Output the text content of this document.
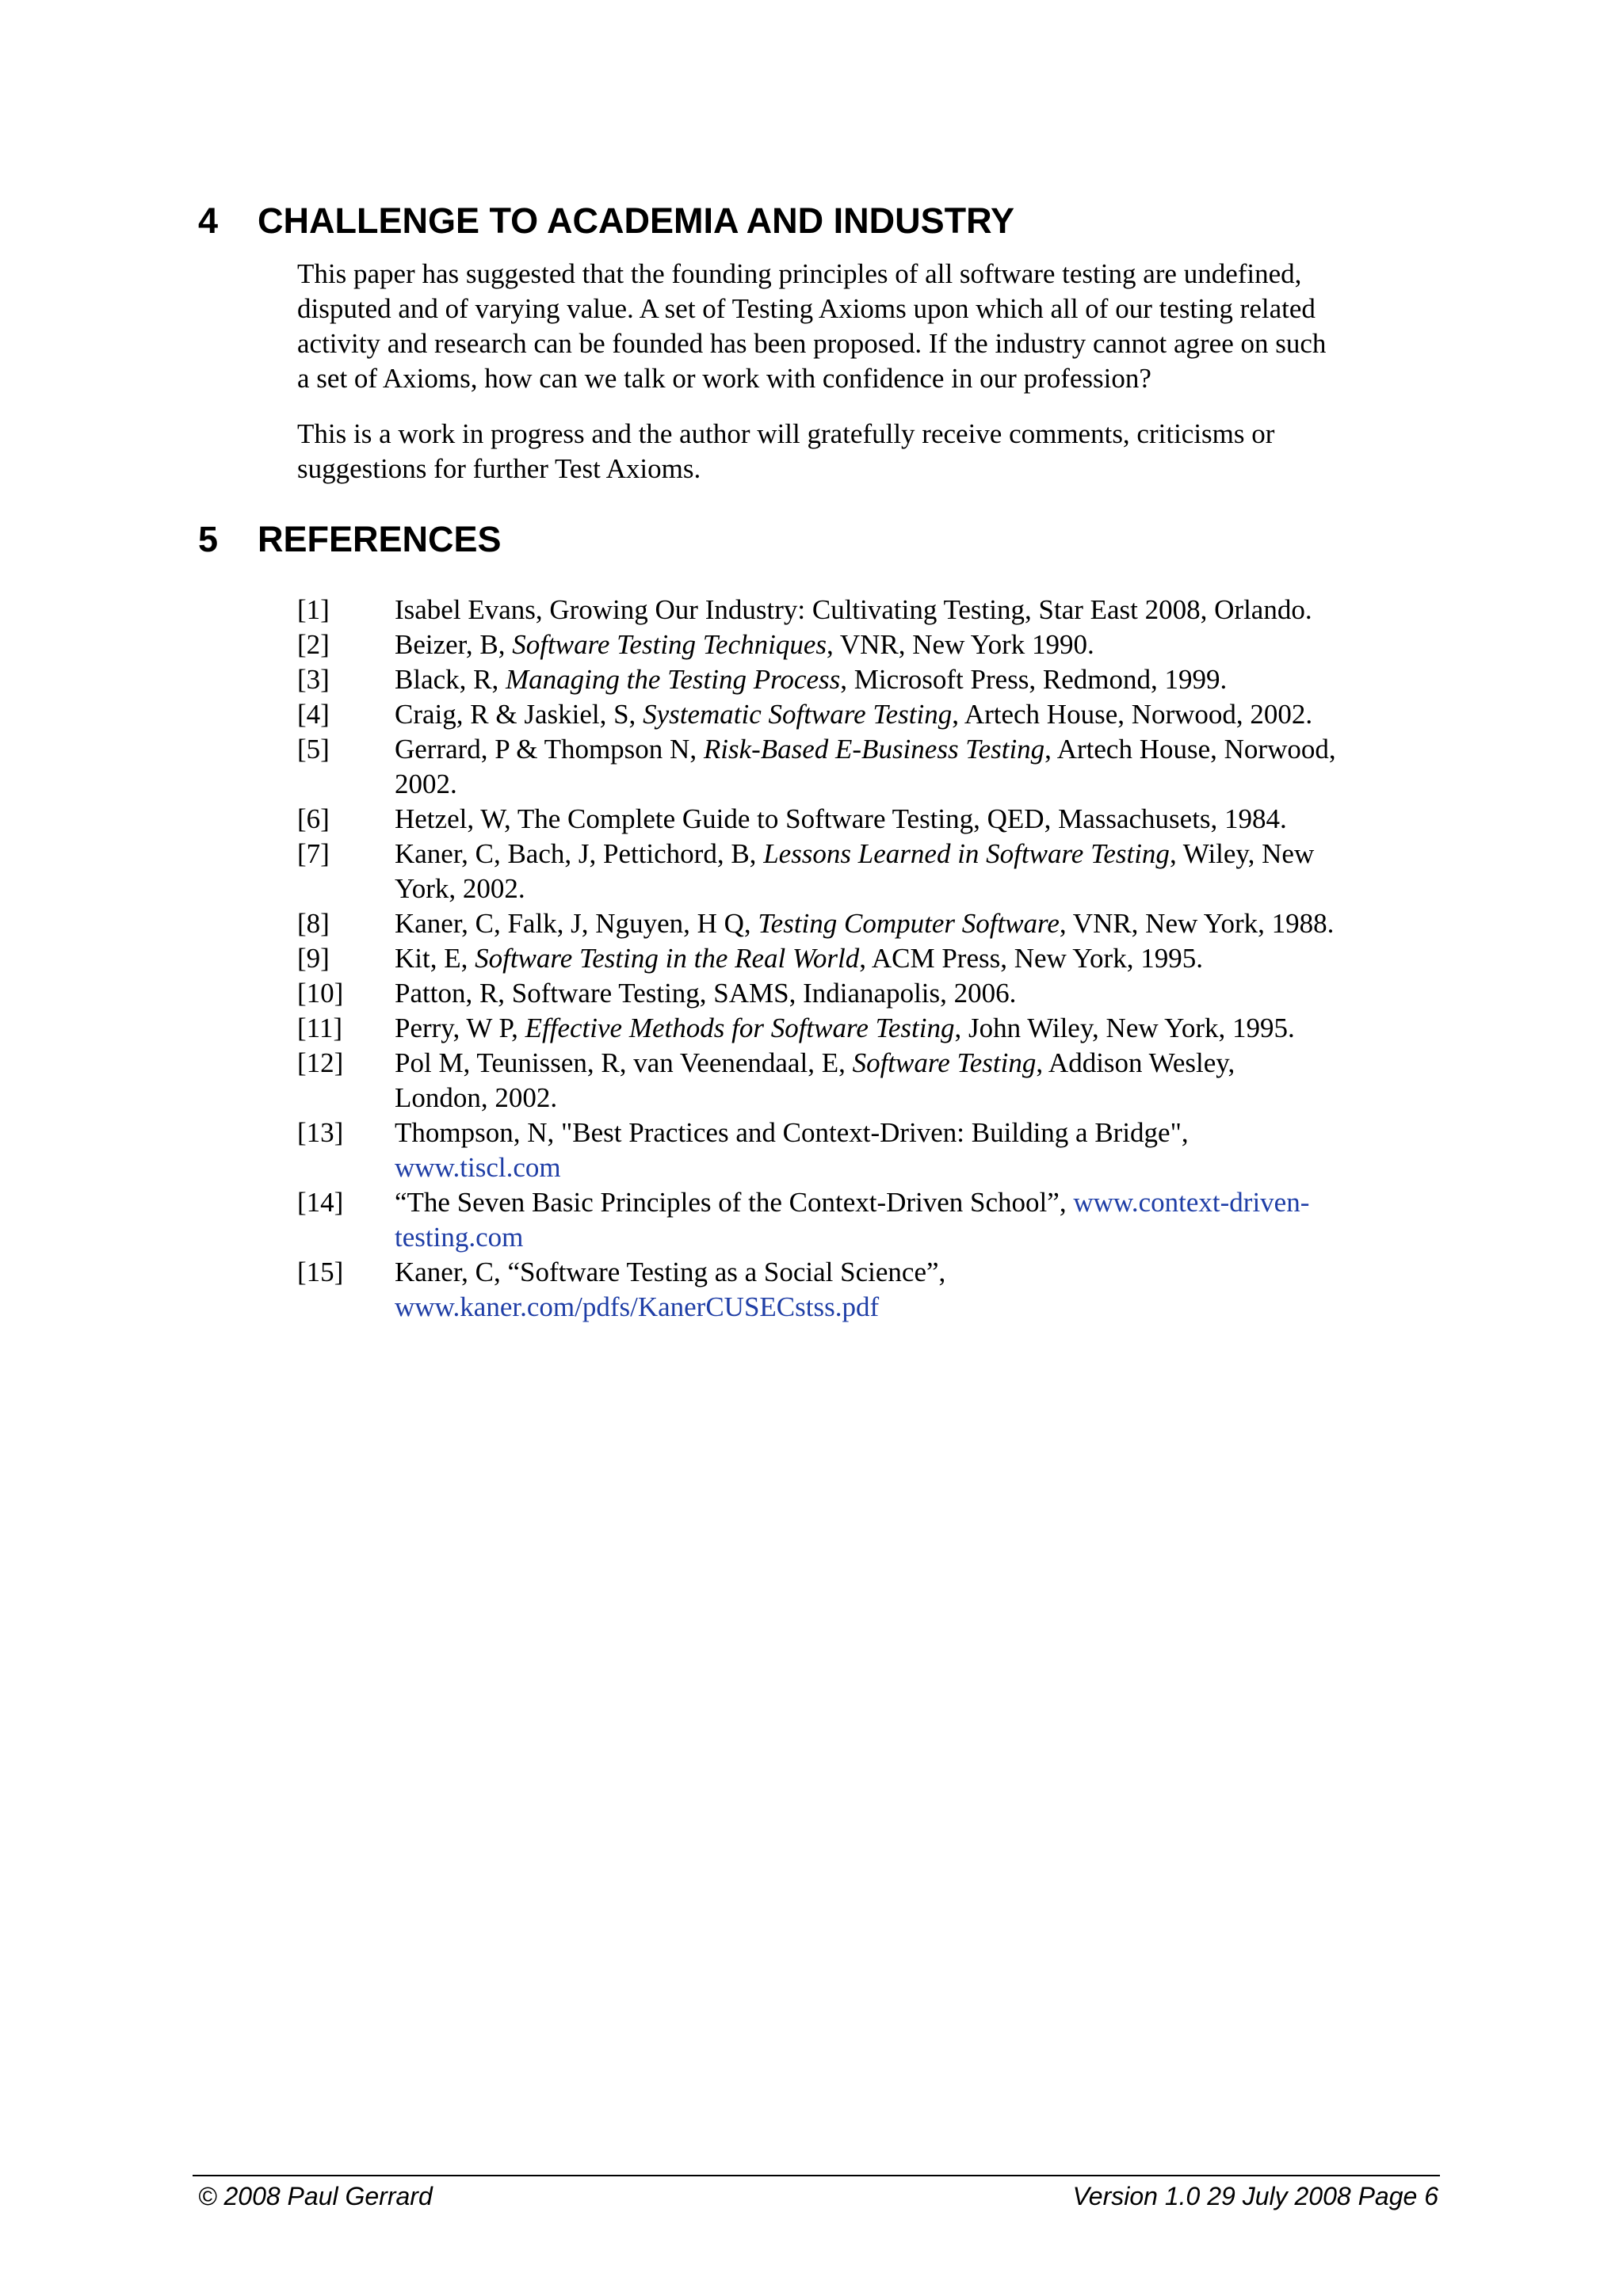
4 CHALLENGE TO ACADEMIA AND INDUSTRY
This paper has suggested that the founding principles of all software testing are undefined,
disputed and of varying value. A set of Testing Axioms upon which all of our testing related
activity and research can be founded has been proposed. If the industry cannot agree on such
a set of Axioms, how can we talk or work with confidence in our profession?
This is a work in progress and the author will gratefully receive comments, criticisms or
suggestions for further Test Axioms.
5 REFERENCES
[1] Isabel Evans, Growing Our Industry: Cultivating Testing, Star East 2008, Orlando.
[2] Beizer, B, Software Testing Techniques, VNR, New York 1990.
[3] Black, R, Managing the Testing Process, Microsoft Press, Redmond, 1999.
[4] Craig, R & Jaskiel, S, Systematic Software Testing, Artech House, Norwood, 2002.
[5] Gerrard, P & Thompson N, Risk-Based E-Business Testing, Artech House, Norwood,
2002.
[6] Hetzel, W, The Complete Guide to Software Testing, QED, Massachusets, 1984.
[7] Kaner, C, Bach, J, Pettichord, B, Lessons Learned in Software Testing, Wiley, New
York, 2002.
[8] Kaner, C, Falk, J, Nguyen, H Q, Testing Computer Software, VNR, New York, 1988.
[9] Kit, E, Software Testing in the Real World, ACM Press, New York, 1995.
[10] Patton, R, Software Testing, SAMS, Indianapolis, 2006.
[11] Perry, W P, Effective Methods for Software Testing, John Wiley, New York, 1995.
[12] Pol M, Teunissen, R, van Veenendaal, E, Software Testing, Addison Wesley,
London, 2002.
[13] Thompson, N, "Best Practices and Context-Driven: Building a Bridge",
www.tiscl.com
[14] “The Seven Basic Principles of the Context-Driven School”, www.context-driven-
testing.com
[15] Kaner, C, “Software Testing as a Social Science”,
www.kaner.com/pdfs/KanerCUSECstss.pdf
© 2008 Paul Gerrard	Version 1.0 29 July 2008 Page 6
